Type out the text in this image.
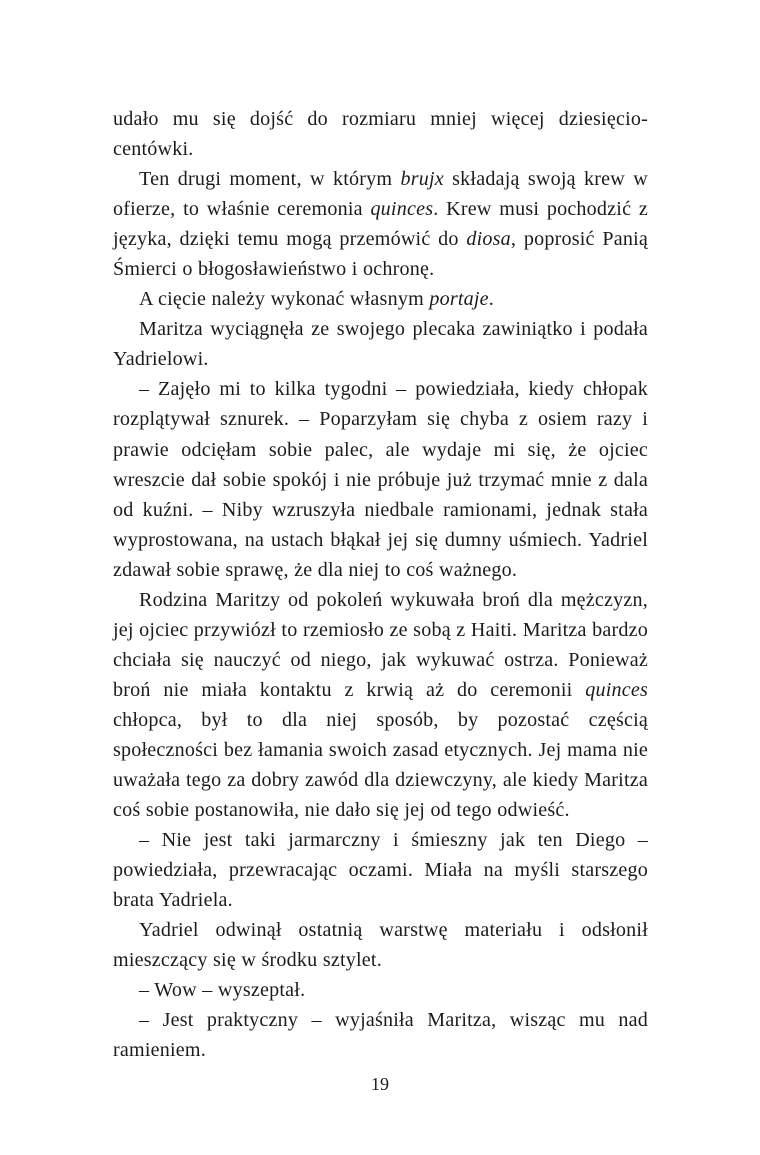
udało mu się dojść do rozmiaru mniej więcej dziesięcio-centówki.

Ten drugi moment, w którym brujx składają swoją krew w ofierze, to właśnie ceremonia quinces. Krew musi pochodzić z języka, dzięki temu mogą przemówić do diosa, poprosić Panią Śmierci o błogosławieństwo i ochronę.

A cięcie należy wykonać własnym portaje.

Maritza wyciągnęła ze swojego plecaka zawiniątko i podała Yadrielowi.

– Zajęło mi to kilka tygodni – powiedziała, kiedy chłopak rozplątywał sznurek. – Poparzyłam się chyba z osiem razy i prawie odcięłam sobie palec, ale wydaje mi się, że ojciec wreszcie dał sobie spokój i nie próbuje już trzymać mnie z dala od kuźni. – Niby wzruszyła niedbale ramionami, jednak stała wyprostowana, na ustach błąkał jej się dumny uśmiech. Yadriel zdawał sobie sprawę, że dla niej to coś ważnego.

Rodzina Maritzy od pokoleń wykuwała broń dla mężczyzn, jej ojciec przywiózł to rzemiosło ze sobą z Haiti. Maritza bardzo chciała się nauczyć od niego, jak wykuwać ostrza. Ponieważ broń nie miała kontaktu z krwią aż do ceremonii quinces chłopca, był to dla niej sposób, by pozostać częścią społeczności bez łamania swoich zasad etycznych. Jej mama nie uważała tego za dobry zawód dla dziewczyny, ale kiedy Maritza coś sobie postanowiła, nie dało się jej od tego odwieść.

– Nie jest taki jarmarczny i śmieszny jak ten Diego – powiedziała, przewracając oczami. Miała na myśli starszego brata Yadriela.

Yadriel odwinął ostatnią warstwę materiału i odsłonił mieszczący się w środku sztylet.

– Wow – wyszeptał.

– Jest praktyczny – wyjaśniła Maritza, wisząc mu nad ramieniem.

19
